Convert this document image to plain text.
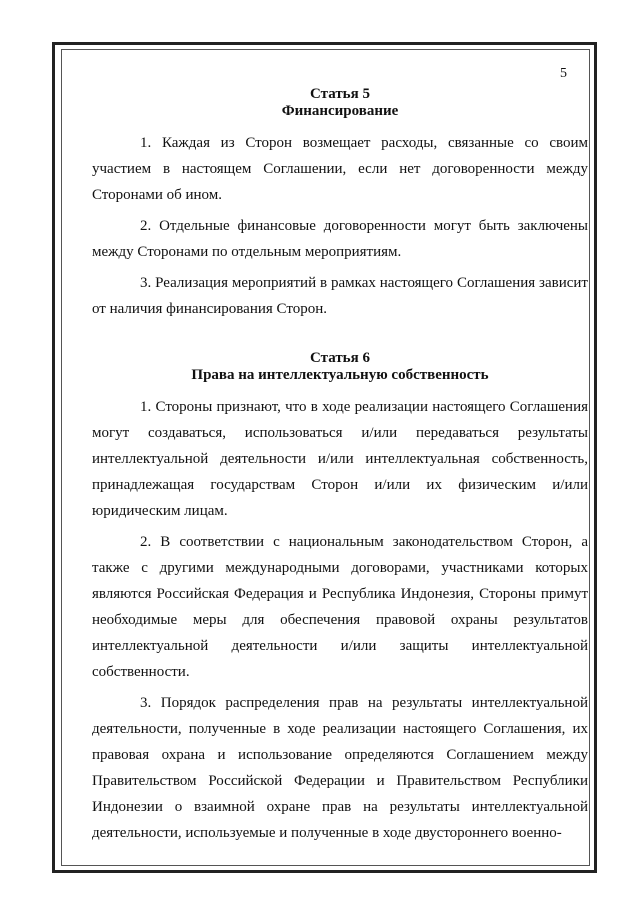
5
Статья 5
Финансирование

1. Каждая из Сторон возмещает расходы, связанные со своим участием в настоящем Соглашении, если нет договоренности между Сторонами об ином.

2. Отдельные финансовые договоренности могут быть заключены между Сторонами по отдельным мероприятиям.

3. Реализация мероприятий в рамках настоящего Соглашения зависит от наличия финансирования Сторон.

Статья 6
Права на интеллектуальную собственность

1. Стороны признают, что в ходе реализации настоящего Соглашения могут создаваться, использоваться и/или передаваться результаты интеллектуальной деятельности и/или интеллектуальная собственность, принадлежащая государствам Сторон и/или их физическим и/или юридическим лицам.

2. В соответствии с национальным законодательством Сторон, а также с другими международными договорами, участниками которых являются Российская Федерация и Республика Индонезия, Стороны примут необходимые меры для обеспечения правовой охраны результатов интеллектуальной деятельности и/или защиты интеллектуальной собственности.

3. Порядок распределения прав на результаты интеллектуальной деятельности, полученные в ходе реализации настоящего Соглашения, их правовая охрана и использование определяются Соглашением между Правительством Российской Федерации и Правительством Республики Индонезии о взаимной охране прав на результаты интеллектуальной деятельности, используемые и полученные в ходе двустороннего военно-
